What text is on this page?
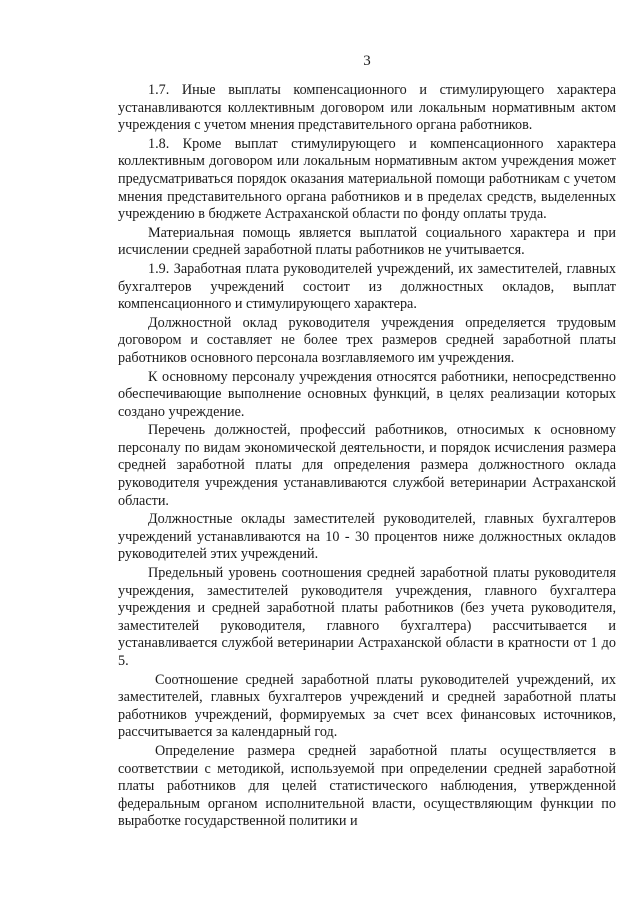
3

1.7. Иные выплаты компенсационного и стимулирующего характера устанавливаются коллективным договором или локальным нормативным актом учреждения с учетом мнения представительного органа работников.

1.8. Кроме выплат стимулирующего и компенсационного характера коллективным договором или локальным нормативным актом учреждения может предусматриваться порядок оказания материальной помощи работникам с учетом мнения представительного органа работников и в пределах средств, выделенных учреждению в бюджете Астраханской области по фонду оплаты труда.

Материальная помощь является выплатой социального характера и при исчислении средней заработной платы работников не учитывается.

1.9. Заработная плата руководителей учреждений, их заместителей, главных бухгалтеров учреждений состоит из должностных окладов, выплат компенсационного и стимулирующего характера.

Должностной оклад руководителя учреждения определяется трудовым договором и составляет не более трех размеров средней заработной платы работников основного персонала возглавляемого им учреждения.

К основному персоналу учреждения относятся работники, непосредственно обеспечивающие выполнение основных функций, в целях реализации которых создано учреждение.

Перечень должностей, профессий работников, относимых к основному персоналу по видам экономической деятельности, и порядок исчисления размера средней заработной платы для определения размера должностного оклада руководителя учреждения устанавливаются службой ветеринарии Астраханской области.

Должностные оклады заместителей руководителей, главных бухгалтеров учреждений устанавливаются на 10 - 30 процентов ниже должностных окладов руководителей этих учреждений.

Предельный уровень соотношения средней заработной платы руководителя учреждения, заместителей руководителя учреждения, главного бухгалтера учреждения и средней заработной платы работников (без учета руководителя, заместителей руководителя, главного бухгалтера) рассчитывается и устанавливается службой ветеринарии Астраханской области в кратности от 1 до 5.

Соотношение средней заработной платы руководителей учреждений, их заместителей, главных бухгалтеров учреждений и средней заработной платы работников учреждений, формируемых за счет всех финансовых источников, рассчитывается за календарный год.

Определение размера средней заработной платы осуществляется в соответствии с методикой, используемой при определении средней заработной платы работников для целей статистического наблюдения, утвержденной федеральным органом исполнительной власти, осуществляющим функции по выработке государственной политики и
